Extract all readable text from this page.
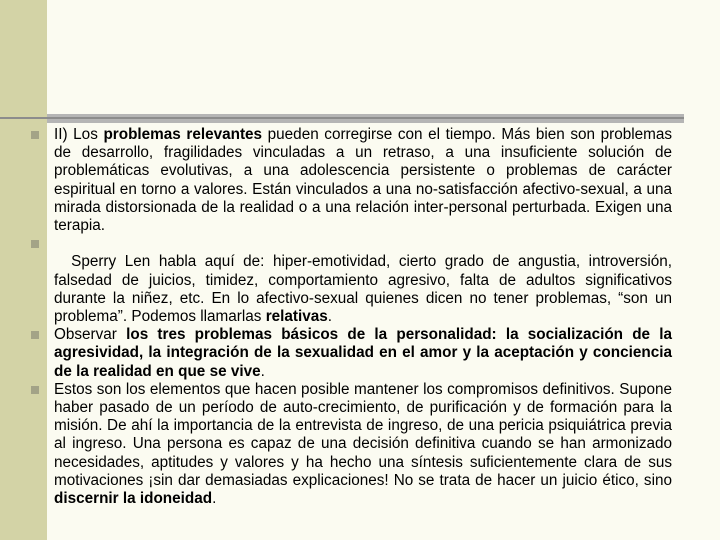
II) Los problemas relevantes pueden corregirse con el tiempo. Más bien son problemas de desarrollo, fragilidades vinculadas a un retraso, a una insuficiente solución de problemáticas evolutivas, a una adolescencia persistente o problemas de carácter espiritual en torno a valores. Están vinculados a una no-satisfacción afectivo-sexual, a una mirada distorsionada de la realidad o a una relación inter-personal perturbada. Exigen una terapia.

Sperry Len habla aquí de: hiper-emotividad, cierto grado de angustia, introversión, falsedad de juicios, timidez, comportamiento agresivo, falta de adultos significativos durante la niñez, etc. En lo afectivo-sexual quienes dicen no tener problemas, “son un problema”. Podemos llamarlas relativas.

Observar los tres problemas básicos de la personalidad: la socialización de la agresividad, la integración de la sexualidad en el amor y la aceptación y conciencia de la realidad en que se vive.

Estos son los elementos que hacen posible mantener los compromisos definitivos. Supone haber pasado de un período de auto-crecimiento, de purificación y de formación para la misión. De ahí la importancia de la entrevista de ingreso, de una pericia psiquiátrica previa al ingreso. Una persona es capaz de una decisión definitiva cuando se han armonizado necesidades, aptitudes y valores y ha hecho una síntesis suficientemente clara de sus motivaciones ¡sin dar demasiadas explicaciones! No se trata de hacer un juicio ético, sino discernir la idoneidad.
